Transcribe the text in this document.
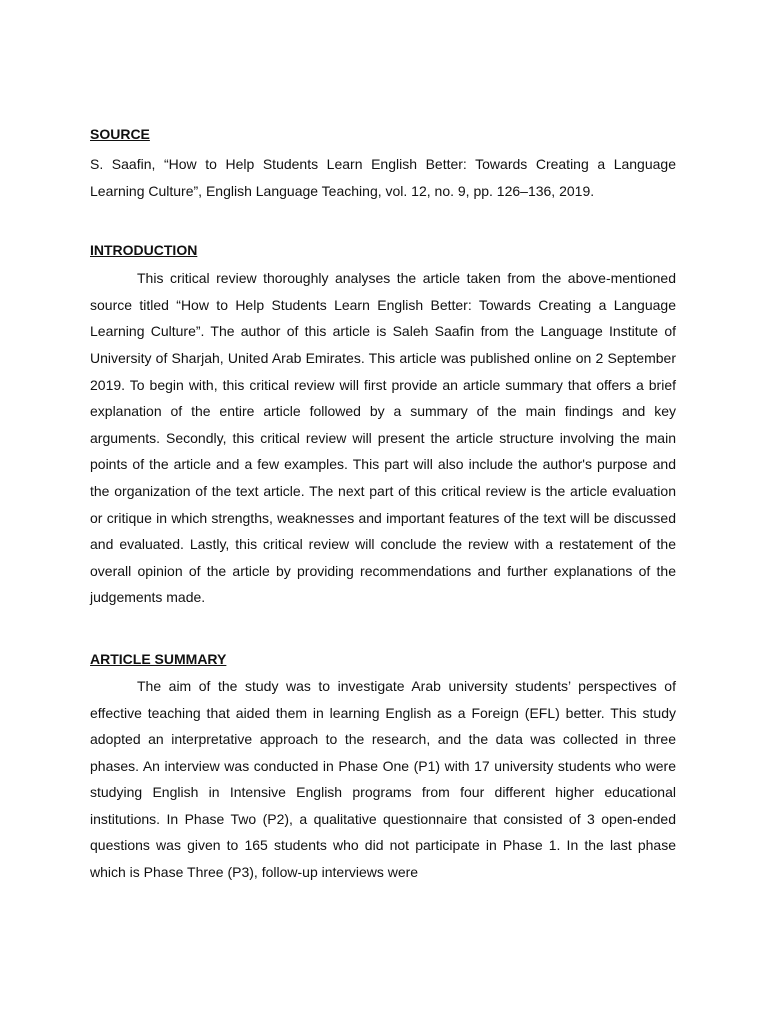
SOURCE

S. Saafin, “How to Help Students Learn English Better: Towards Creating a Language Learning Culture”, English Language Teaching, vol. 12, no. 9, pp. 126–136, 2019.

INTRODUCTION

This critical review thoroughly analyses the article taken from the above-mentioned source titled “How to Help Students Learn English Better: Towards Creating a Language Learning Culture”. The author of this article is Saleh Saafin from the Language Institute of University of Sharjah, United Arab Emirates. This article was published online on 2 September 2019. To begin with, this critical review will first provide an article summary that offers a brief explanation of the entire article followed by a summary of the main findings and key arguments. Secondly, this critical review will present the article structure involving the main points of the article and a few examples. This part will also include the author's purpose and the organization of the text article. The next part of this critical review is the article evaluation or critique in which strengths, weaknesses and important features of the text will be discussed and evaluated. Lastly, this critical review will conclude the review with a restatement of the overall opinion of the article by providing recommendations and further explanations of the judgements made.

ARTICLE SUMMARY

The aim of the study was to investigate Arab university students’ perspectives of effective teaching that aided them in learning English as a Foreign (EFL) better. This study adopted an interpretative approach to the research, and the data was collected in three phases. An interview was conducted in Phase One (P1) with 17 university students who were studying English in Intensive English programs from four different higher educational institutions. In Phase Two (P2), a qualitative questionnaire that consisted of 3 open-ended questions was given to 165 students who did not participate in Phase 1. In the last phase which is Phase Three (P3), follow-up interviews were
